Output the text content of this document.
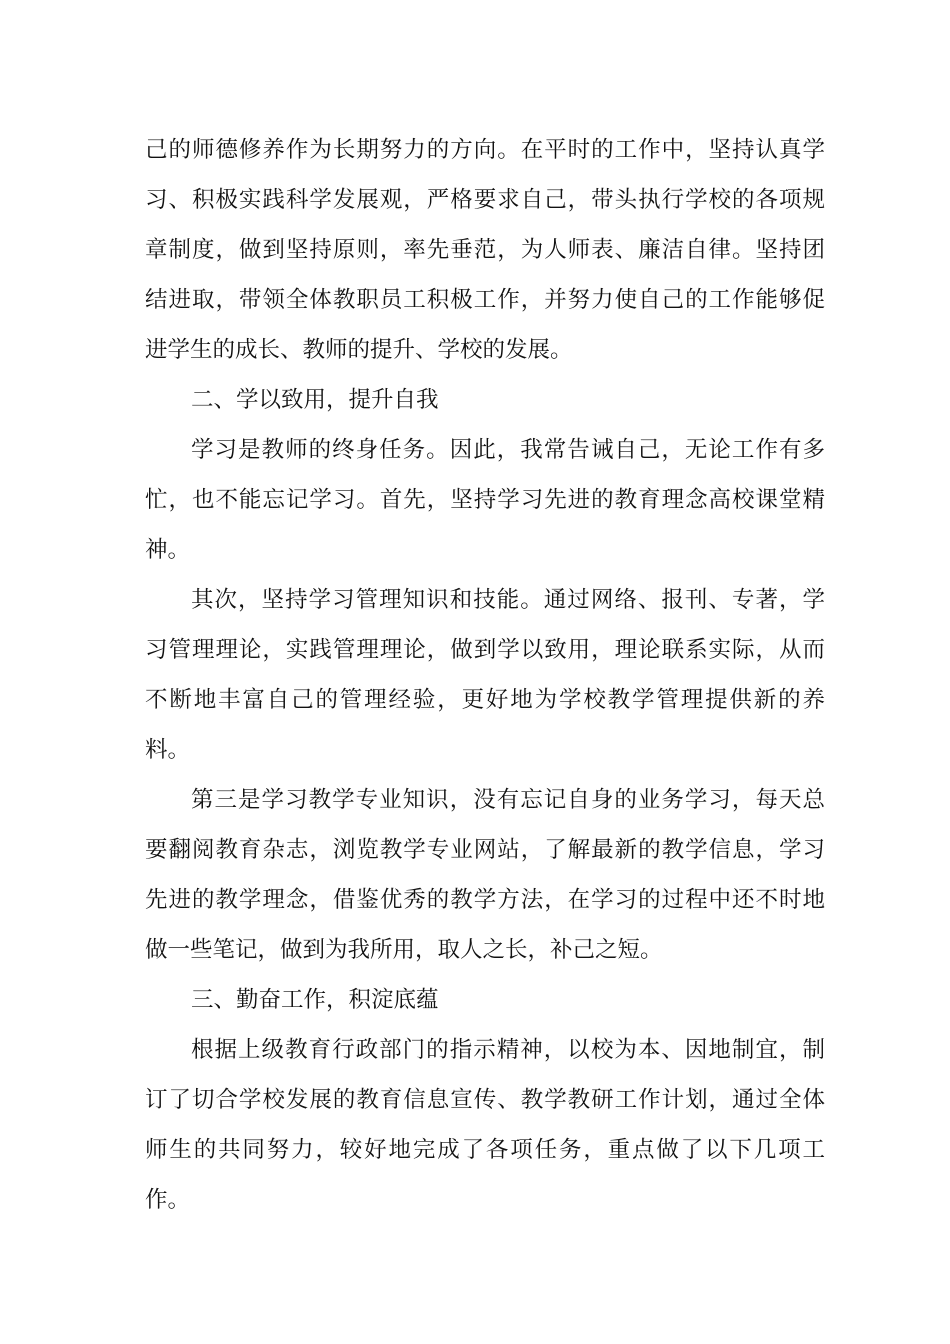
己的师德修养作为长期努力的方向。在平时的工作中，坚持认真学
习、积极实践科学发展观，严格要求自己，带头执行学校的各项规
章制度，做到坚持原则，率先垂范，为人师表、廉洁自律。坚持团
结进取，带领全体教职员工积极工作，并努力使自己的工作能够促
进学生的成长、教师的提升、学校的发展。
二、学以致用，提升自我
学习是教师的终身任务。因此，我常告诫自己，无论工作有多
忙，也不能忘记学习。首先，坚持学习先进的教育理念高校课堂精
神。
其次，坚持学习管理知识和技能。通过网络、报刊、专著，学
习管理理论，实践管理理论，做到学以致用，理论联系实际，从而
不断地丰富自己的管理经验，更好地为学校教学管理提供新的养
料。
第三是学习教学专业知识，没有忘记自身的业务学习，每天总
要翻阅教育杂志，浏览教学专业网站，了解最新的教学信息，学习
先进的教学理念，借鉴优秀的教学方法，在学习的过程中还不时地
做一些笔记，做到为我所用，取人之长，补己之短。
三、勤奋工作，积淀底蕴
根据上级教育行政部门的指示精神，以校为本、因地制宜，制
订了切合学校发展的教育信息宣传、教学教研工作计划，通过全体
师生的共同努力，较好地完成了各项任务，重点做了以下几项工
作。
